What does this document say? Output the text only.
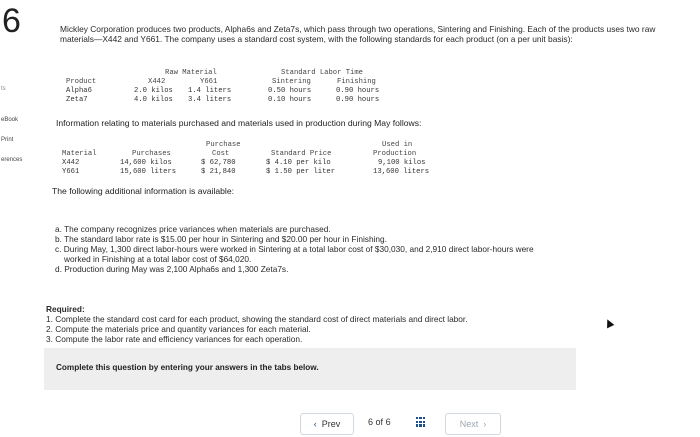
6
ts
eBook
Print
erences
Mickley Corporation produces two products, Alpha6s and Zeta7s, which pass through two operations, Sintering and Finishing. Each of the products uses two raw materials—X442 and Y661. The company uses a standard cost system, with the following standards for each product (on a per unit basis):
Raw Material	Standard Labor Time
Product	X442	Y661	Sintering	Finishing
Alpha6	2.0 kilos 1.4 liters	0.50 hours	0.90 hours
Zeta7	4.0 kilos 3.4 liters	0.10 hours	0.90 hours
Information relating to materials purchased and materials used in production during May follows:
Purchase	Used in
Material	Purchases	Cost	Standard Price	Production
X442	14,600 kilos	$ 62,780	$ 4.10 per kilo	9,100 kilos
Y661	15,600 liters	$ 21,840	$ 1.50 per liter	13,600 liters
The following additional information is available:
a. The company recognizes price variances when materials are purchased.
b. The standard labor rate is $15.00 per hour in Sintering and $20.00 per hour in Finishing.
c. During May, 1,300 direct labor-hours were worked in Sintering at a total labor cost of $30,030, and 2,910 direct labor-hours were
worked in Finishing at a total labor cost of $64,020.
d. Production during May was 2,100 Alpha6s and 1,300 Zeta7s.
Required:
1. Complete the standard cost card for each product, showing the standard cost of direct materials and direct labor.
2. Compute the materials price and quantity variances for each material.
3. Compute the labor rate and efficiency variances for each operation.
Complete this question by entering your answers in the tabs below.
‹ Prev	6 of 6	Next ›
